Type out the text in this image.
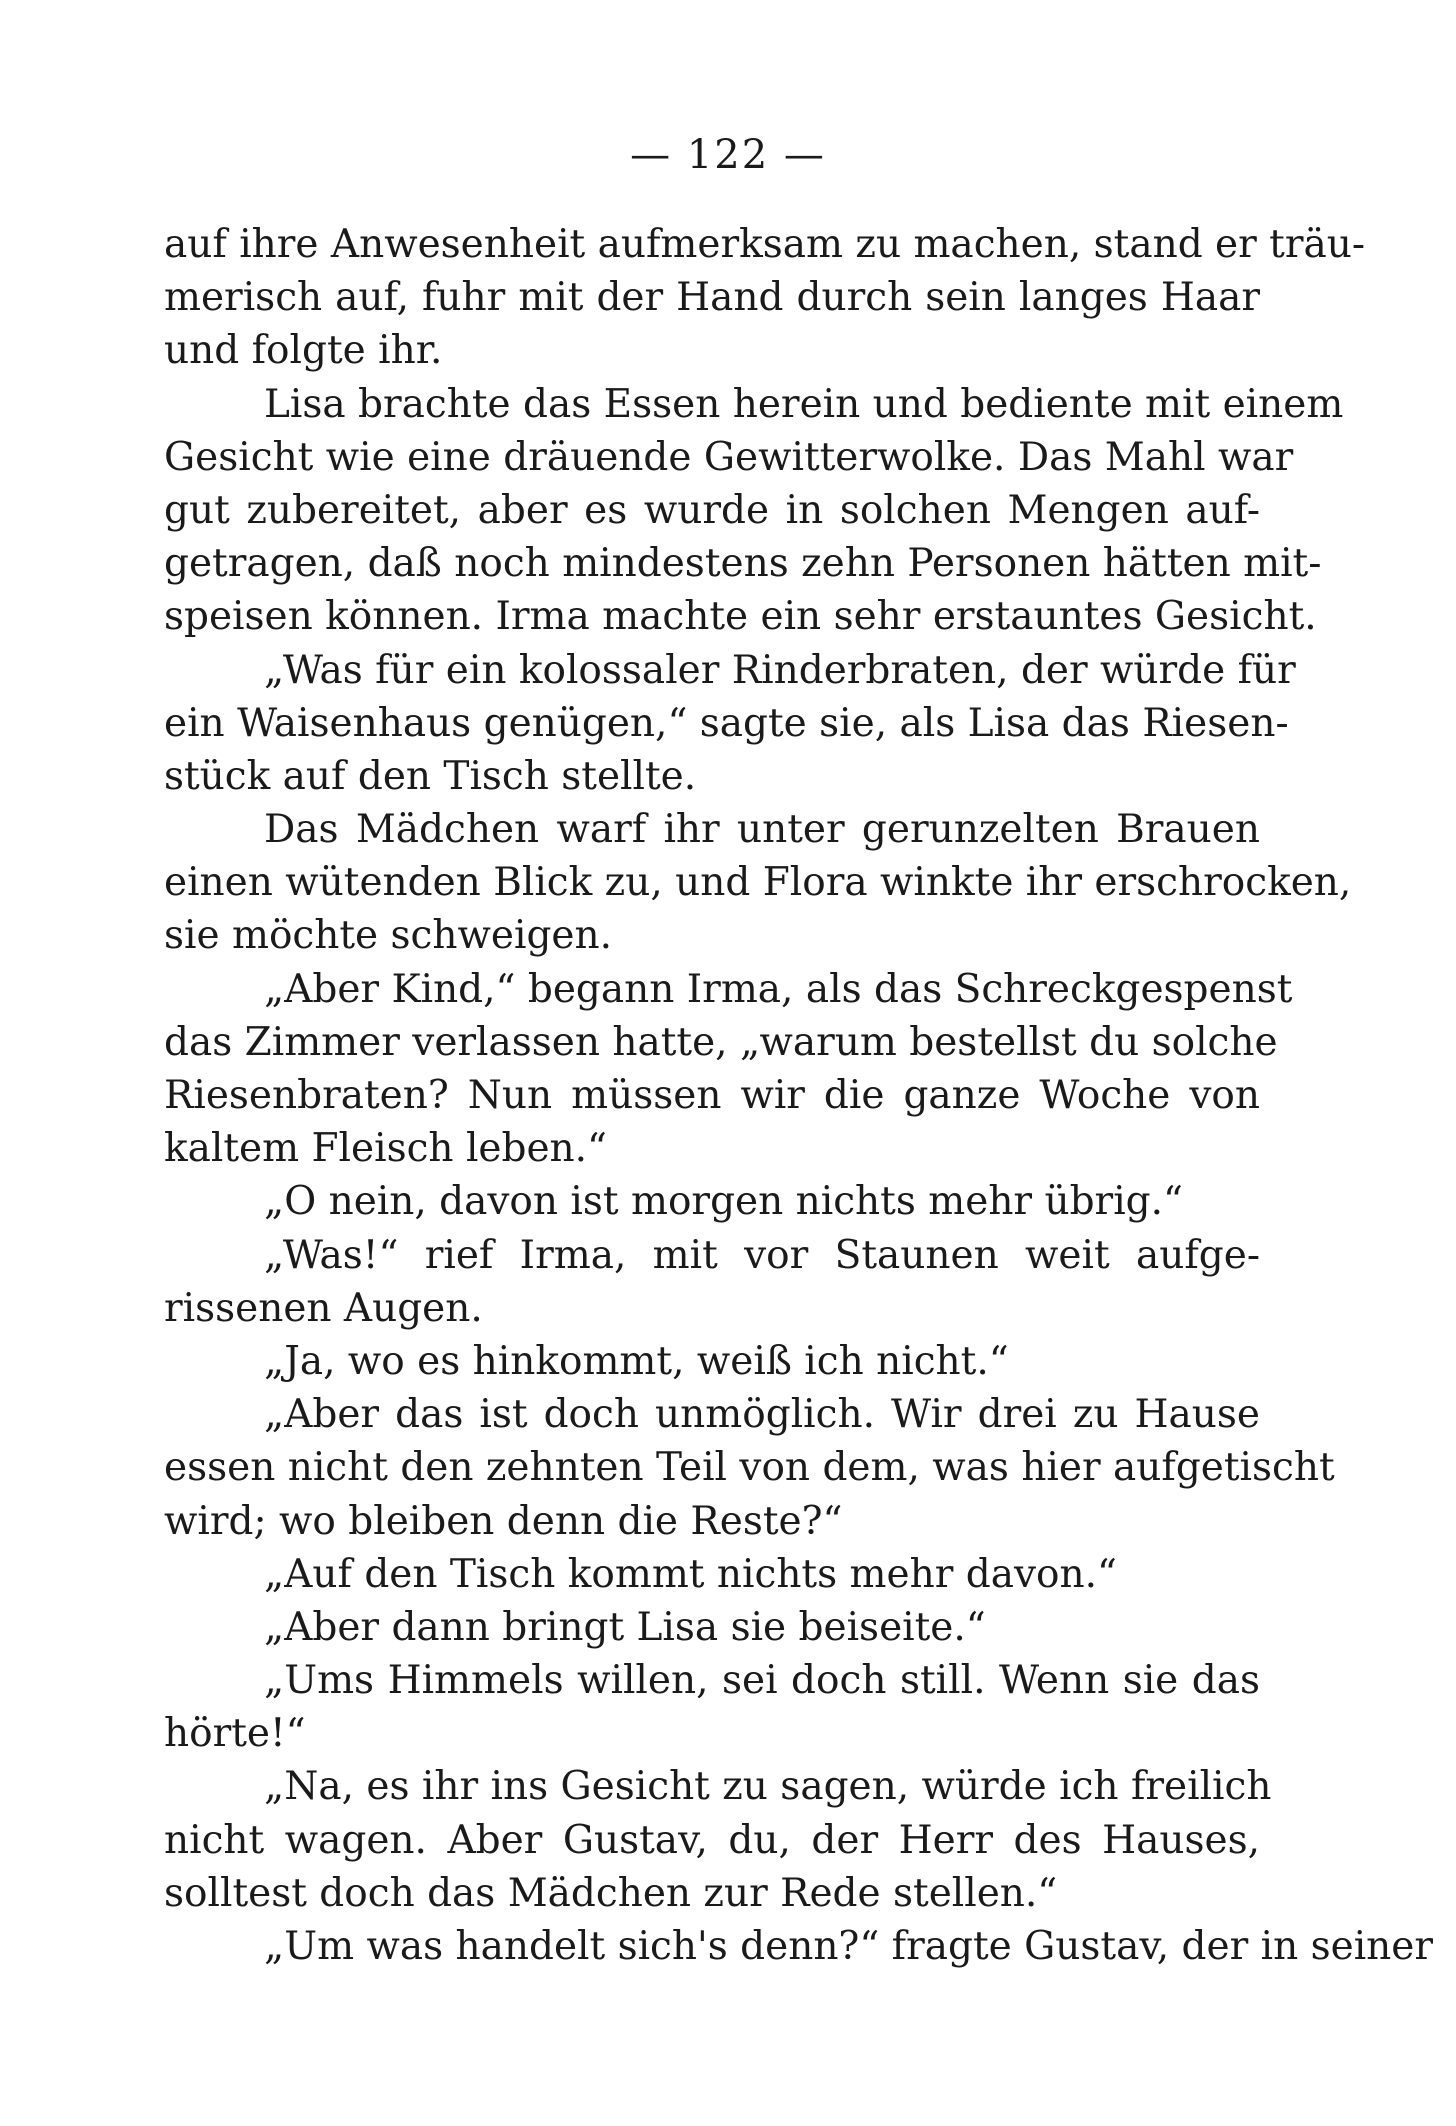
— 122 —
auf ihre Anwesenheit aufmerksam zu machen, stand er träu-
merisch auf, fuhr mit der Hand durch sein langes Haar
und folgte ihr.
Lisa brachte das Essen herein und bediente mit einem
Gesicht wie eine dräuende Gewitterwolke. Das Mahl war
gut zubereitet, aber es wurde in solchen Mengen auf-
getragen, daß noch mindestens zehn Personen hätten mit-
speisen können. Irma machte ein sehr erstauntes Gesicht.
„Was für ein kolossaler Rinderbraten, der würde für
ein Waisenhaus genügen,“ sagte sie, als Lisa das Riesen-
stück auf den Tisch stellte.
Das Mädchen warf ihr unter gerunzelten Brauen
einen wütenden Blick zu, und Flora winkte ihr erschrocken,
sie möchte schweigen.
„Aber Kind,“ begann Irma, als das Schreckgespenst
das Zimmer verlassen hatte, „warum bestellst du solche
Riesenbraten? Nun müssen wir die ganze Woche von
kaltem Fleisch leben.“
„O nein, davon ist morgen nichts mehr übrig.“
„Was!“ rief Irma, mit vor Staunen weit aufge-
rissenen Augen.
„Ja, wo es hinkommt, weiß ich nicht.“
„Aber das ist doch unmöglich. Wir drei zu Hause
essen nicht den zehnten Teil von dem, was hier aufgetischt
wird; wo bleiben denn die Reste?“
„Auf den Tisch kommt nichts mehr davon.“
„Aber dann bringt Lisa sie beiseite.“
„Ums Himmels willen, sei doch still. Wenn sie das
hörte!“
„Na, es ihr ins Gesicht zu sagen, würde ich freilich
nicht wagen. Aber Gustav, du, der Herr des Hauses,
solltest doch das Mädchen zur Rede stellen.“
„Um was handelt sich's denn?“ fragte Gustav, der in seiner
